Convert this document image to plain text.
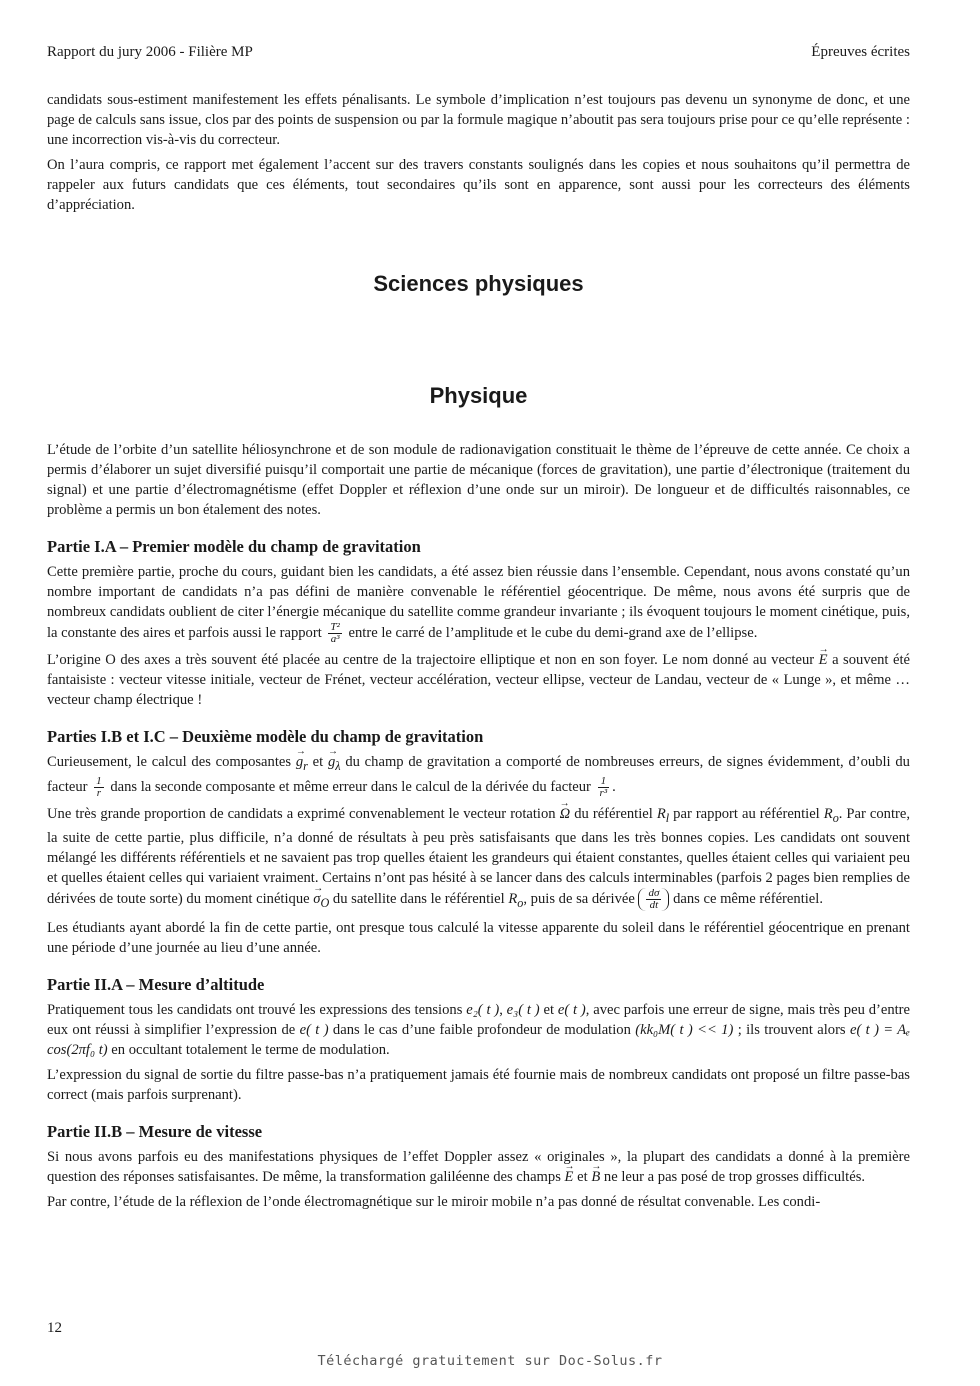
Rapport du jury 2006 - Filière MP	Épreuves écrites

candidats sous-estiment manifestement les effets pénalisants. Le symbole d’implication n’est toujours pas devenu un synonyme de donc, et une page de calculs sans issue, clos par des points de suspension ou par la formule magique n’aboutit pas sera toujours prise pour ce qu’elle représente : une incorrection vis-à-vis du correcteur.

On l’aura compris, ce rapport met également l’accent sur des travers constants soulignés dans les copies et nous souhaitons qu’il permettra de rappeler aux futurs candidats que ces éléments, tout secondaires qu’ils sont en apparence, sont aussi pour les correcteurs des éléments d’appréciation.

Sciences physiques
Physique

L’étude de l’orbite d’un satellite héliosynchrone et de son module de radionavigation constituait le thème de l’épreuve de cette année. Ce choix a permis d’élaborer un sujet diversifié puisqu’il comportait une partie de mécanique (forces de gravitation), une partie d’électronique (traitement du signal) et une partie d’électromagnétisme (effet Doppler et réflexion d’une onde sur un miroir). De longueur et de difficultés raisonnables, ce problème a permis un bon étalement des notes.

Partie I.A – Premier modèle du champ de gravitation

Cette première partie, proche du cours, guidant bien les candidats, a été assez bien réussie dans l’ensemble. Cependant, nous avons constaté qu’un nombre important de candidats n’a pas défini de manière convenable le référentiel géocentrique. De même, nous avons été surpris que de nombreux candidats oublient de citer l’énergie mécanique du satellite comme grandeur invariante ; ils évoquent toujours le moment cinétique, puis, la constante des aires et parfois aussi le rapport $\frac{\text{T²}}{\text{a³}}$ entre le carré de l’amplitude et le cube du demi-grand axe de l’ellipse.

L’origine O des axes a très souvent été placée au centre de la trajectoire elliptique et non en son foyer. Le nom donné au vecteur → E a souvent été fantaisiste : vecteur vitesse initiale, vecteur de Frénet, vecteur accélération, vecteur ellipse, vecteur de Landau, vecteur de « Lunge », et même … vecteur champ électrique !

Parties I.B et I.C – Deuxième modèle du champ de gravitation

Curieusement, le calcul des composantes → $g_r$ et → $g_\lambda$ du champ de gravitation a comporté de nombreuses erreurs, de signes évidemment, d’oubli du facteur $\frac{1}{r}$ dans la seconde composante et même erreur dans le calcul de la dérivée du facteur $\frac{1}{\text{r³}}$ .

Une très grande proportion de candidats a exprimé convenablement le vecteur rotation → Ω du référentiel $R_l$ par rapport au référentiel $R_o$. Par contre, la suite de cette partie, plus difficile, n’a donné de résultats à peu près satisfaisants que dans les très bonnes copies. Les candidats ont souvent mélangé les différents référentiels et ne savaient pas trop quelles étaient les grandeurs qui étaient constantes, quelles étaient celles qui variaient peu et quelles étaient celles qui variaient vraiment. Certains n’ont pas hésité à se lancer dans des calculs interminables (parfois 2 pages bien remplies de dérivées de toute sorte) du moment cinétique → $\sigma_O$ du satellite dans le référentiel $R_o$, puis de sa dérivée $\frac{d\sigma}{dt}$ dans ce même référentiel.

Les étudiants ayant abordé la fin de cette partie, ont presque tous calculé la vitesse apparente du soleil dans le référentiel géocentrique en prenant une période d’une journée au lieu d’une année.

Partie II.A – Mesure d’altitude

Pratiquement tous les candidats ont trouvé les expressions des tensions e₂( t ), e₃( t ) et e( t ), avec parfois une erreur de signe, mais très peu d’entre eux ont réussi à simplifier l’expression de e( t ) dans le cas d’une faible profondeur de modulation (kk₀M( t ) << 1) ; ils trouvent alors e( t ) = Aₑ cos(2πf₀ t) en occultant totalement le terme de modulation.

L’expression du signal de sortie du filtre passe-bas n’a pratiquement jamais été fournie mais de nombreux candidats ont proposé un filtre passe-bas correct (mais parfois surprenant).

Partie II.B – Mesure de vitesse

Si nous avons parfois eu des manifestations physiques de l’effet Doppler assez « originales », la plupart des candidats a donné à la première question des réponses satisfaisantes. De même, la transformation galiléenne des champs → E et → B ne leur a pas posé de trop grosses difficultés.

Par contre, l’étude de la réflexion de l’onde électromagnétique sur le miroir mobile n’a pas donné de résultat convenable. Les condi-

12
Téléchargé gratuitement sur Doc-Solus.fr
